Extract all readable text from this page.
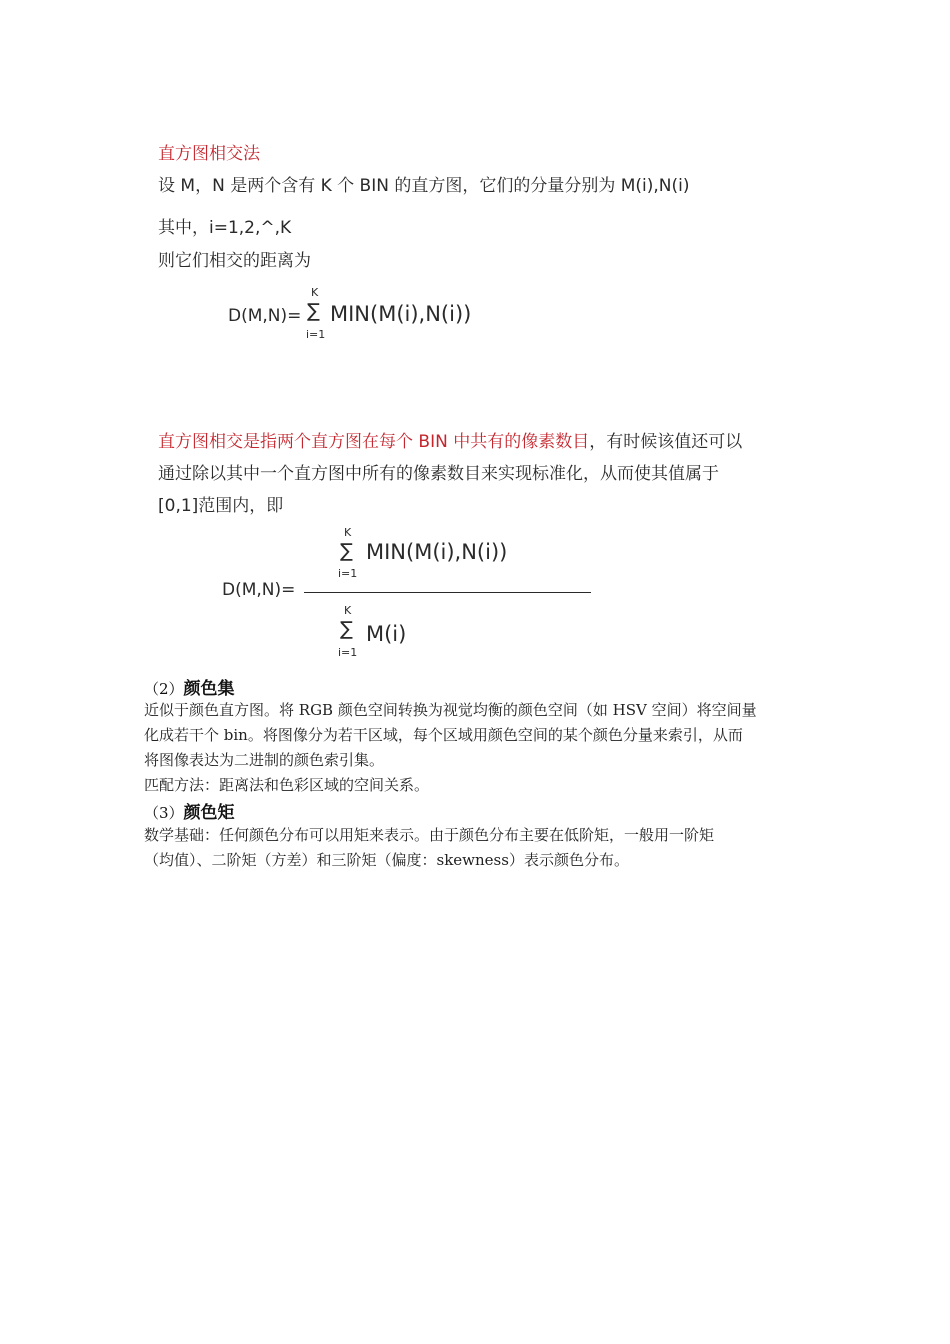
直方图相交法
设 M，N 是两个含有 K 个 BIN 的直方图，它们的分量分别为 M(i),N(i)
其中，i=1,2,^,K
则它们相交的距离为
D(M,N)=
K
∑
i=1
MIN(M(i),N(i))
直方图相交是指两个直方图在每个 BIN 中共有的像素数目，有时候该值还可以
通过除以其中一个直方图中所有的像素数目来实现标准化，从而使其值属于
[0,1]范围内，即
D(M,N)=
K
∑
i=1
MIN(M(i),N(i))
K
∑
i=1
M(i)
（2）颜色集
近似于颜色直方图。将 RGB 颜色空间转换为视觉均衡的颜色空间（如 HSV 空间）将空间量
化成若干个 bin。将图像分为若干区域，每个区域用颜色空间的某个颜色分量来索引，从而
将图像表达为二进制的颜色索引集。
匹配方法：距离法和色彩区域的空间关系。
（3）颜色矩
数学基础：任何颜色分布可以用矩来表示。由于颜色分布主要在低阶矩，一般用一阶矩
（均值）、二阶矩（方差）和三阶矩（偏度：skewness）表示颜色分布。
